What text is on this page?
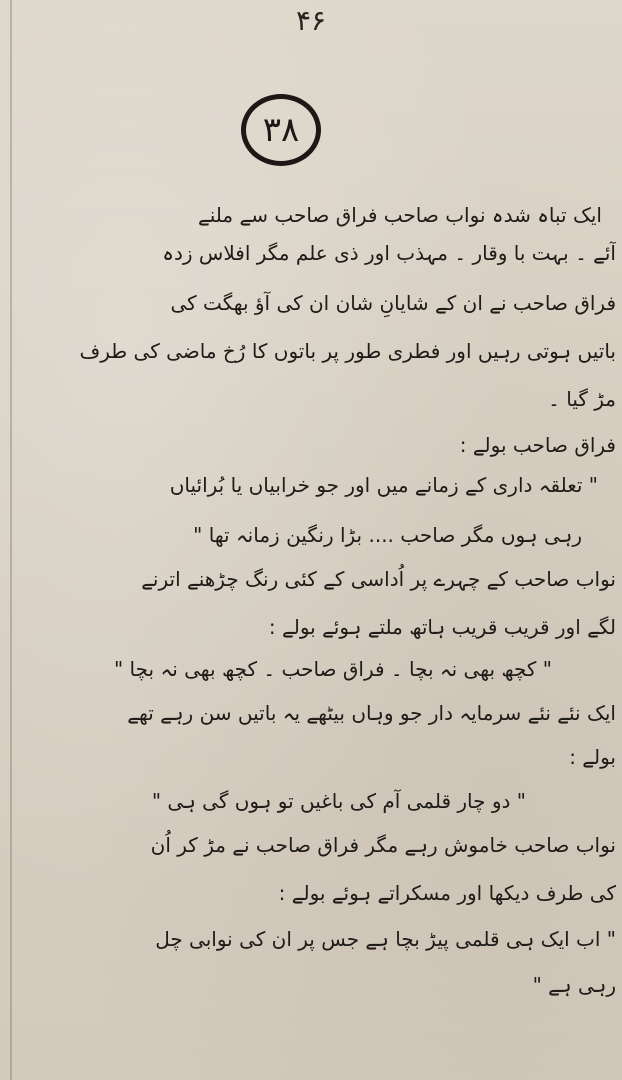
۴۶
۳۸
ایک تباہ شدہ نواب صاحب فراق صاحب سے ملنے
آئے ۔ بہت با وقار ۔ مہذب اور ذی علم مگر افلاس زدہ
فراق صاحب نے ان کے شایانِ شان ان کی آؤ بھگت کی
باتیں ہوتی رہیں اور فطری طور پر باتوں کا رُخ ماضی کی طرف
مڑ گیا ۔
فراق صاحب بولے :
" تعلقہ داری کے زمانے میں اور جو خرابیاں یا بُرائیاں
رہی ہوں مگر صاحب .... بڑا رنگین زمانہ تھا "
نواب صاحب کے چہرے پر اُداسی کے کئی رنگ چڑھنے اترنے
لگے اور قریب قریب ہاتھ ملتے ہوئے بولے :
" کچھ بھی نہ بچا ۔ فراق صاحب ۔ کچھ بھی نہ بچا "
ایک نئے نئے سرمایہ دار جو وہاں بیٹھے یہ باتیں سن رہے تھے
بولے :
" دو چار قلمی آم کی باغیں تو ہوں گی ہی "
نواب صاحب خاموش رہے مگر فراق صاحب نے مڑ کر اُن
کی طرف دیکھا اور مسکراتے ہوئے بولے :
" اب ایک ہی قلمی پیڑ بچا ہے جس پر ان کی نوابی چل
رہی ہے "
